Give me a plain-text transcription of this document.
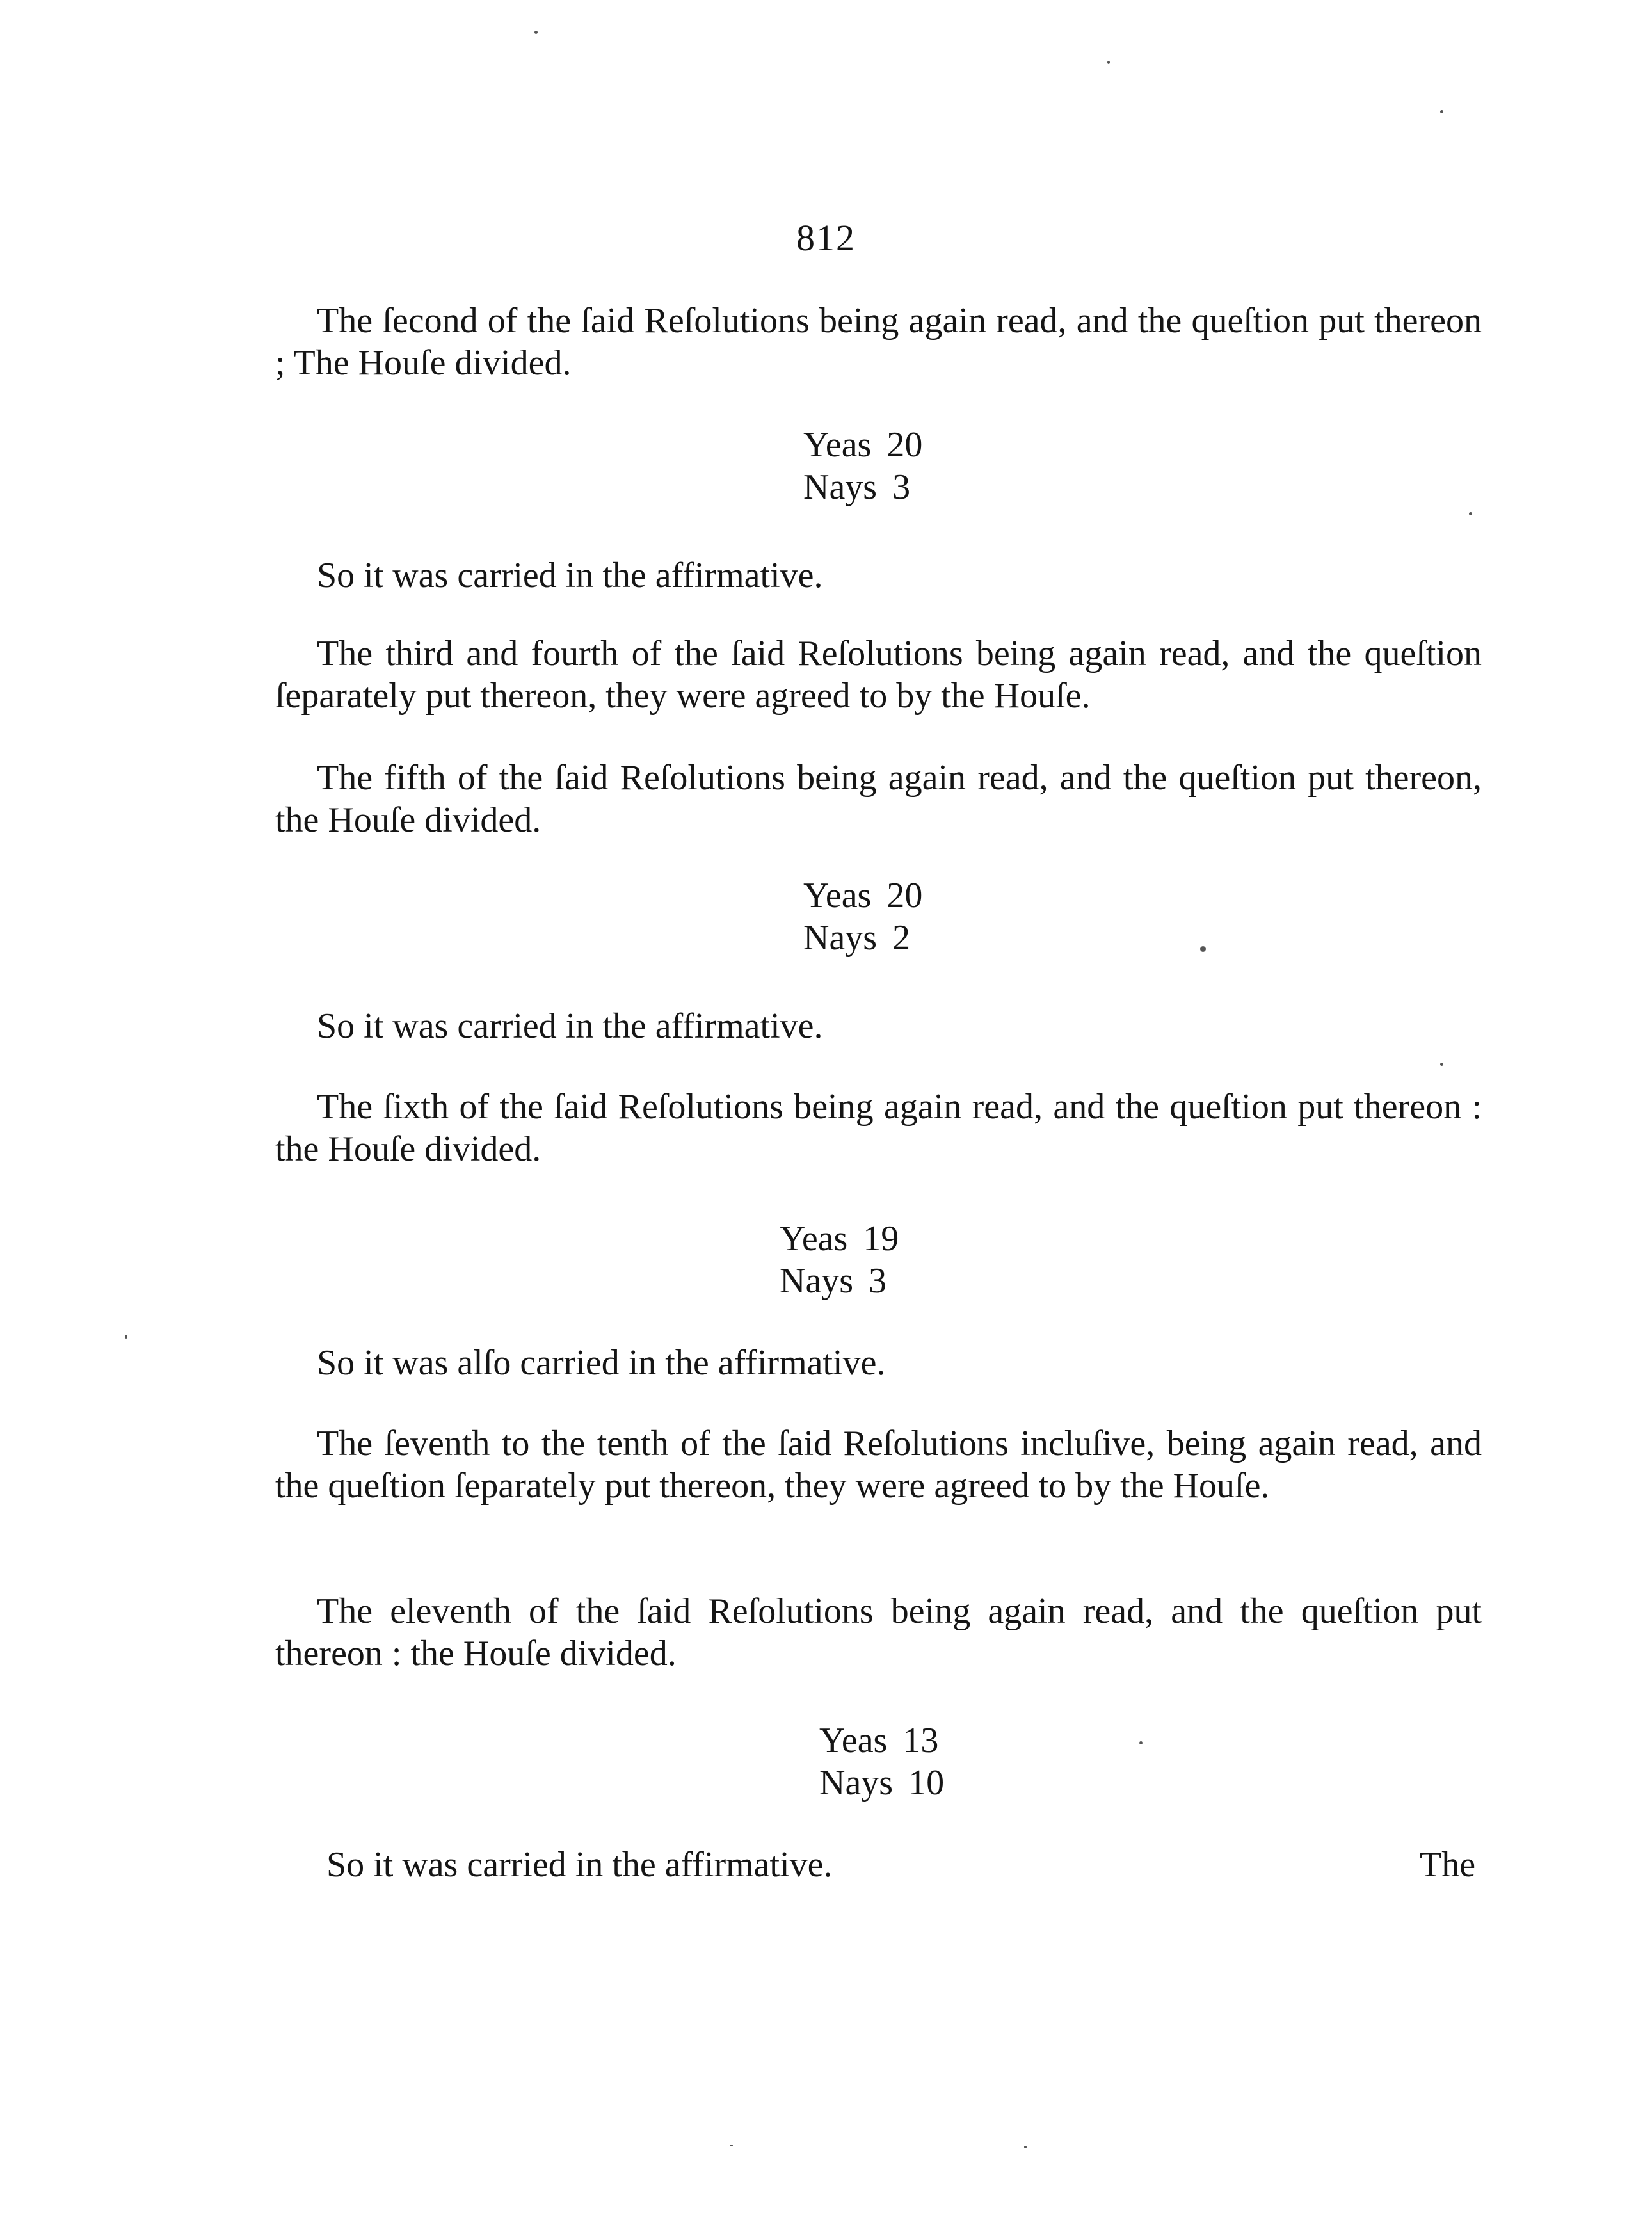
812
The ſecond of the ſaid Reſolutions being again read, and the queſtion put thereon ; The Houſe divided.
Yeas 20
Nays 3
So it was carried in the affirmative.
The third and fourth of the ſaid Reſolutions being again read, and the queſtion ſeparately put thereon, they were agreed to by the Houſe.
The fifth of the ſaid Reſolutions being again read, and the queſtion put thereon, the Houſe divided.
Yeas 20
Nays 2
So it was carried in the affirmative.
The ſixth of the ſaid Reſolutions being again read, and the queſtion put thereon : the Houſe divided.
Yeas 19
Nays 3
So it was alſo carried in the affirmative.
The ſeventh to the tenth of the ſaid Reſolutions incluſive, being again read, and the queſtion ſeparately put thereon, they were agreed to by the Houſe.
The eleventh of the ſaid Reſolutions being again read, and the queſtion put thereon : the Houſe divided.
Yeas 13
Nays 10
So it was carried in the affirmative.	The
